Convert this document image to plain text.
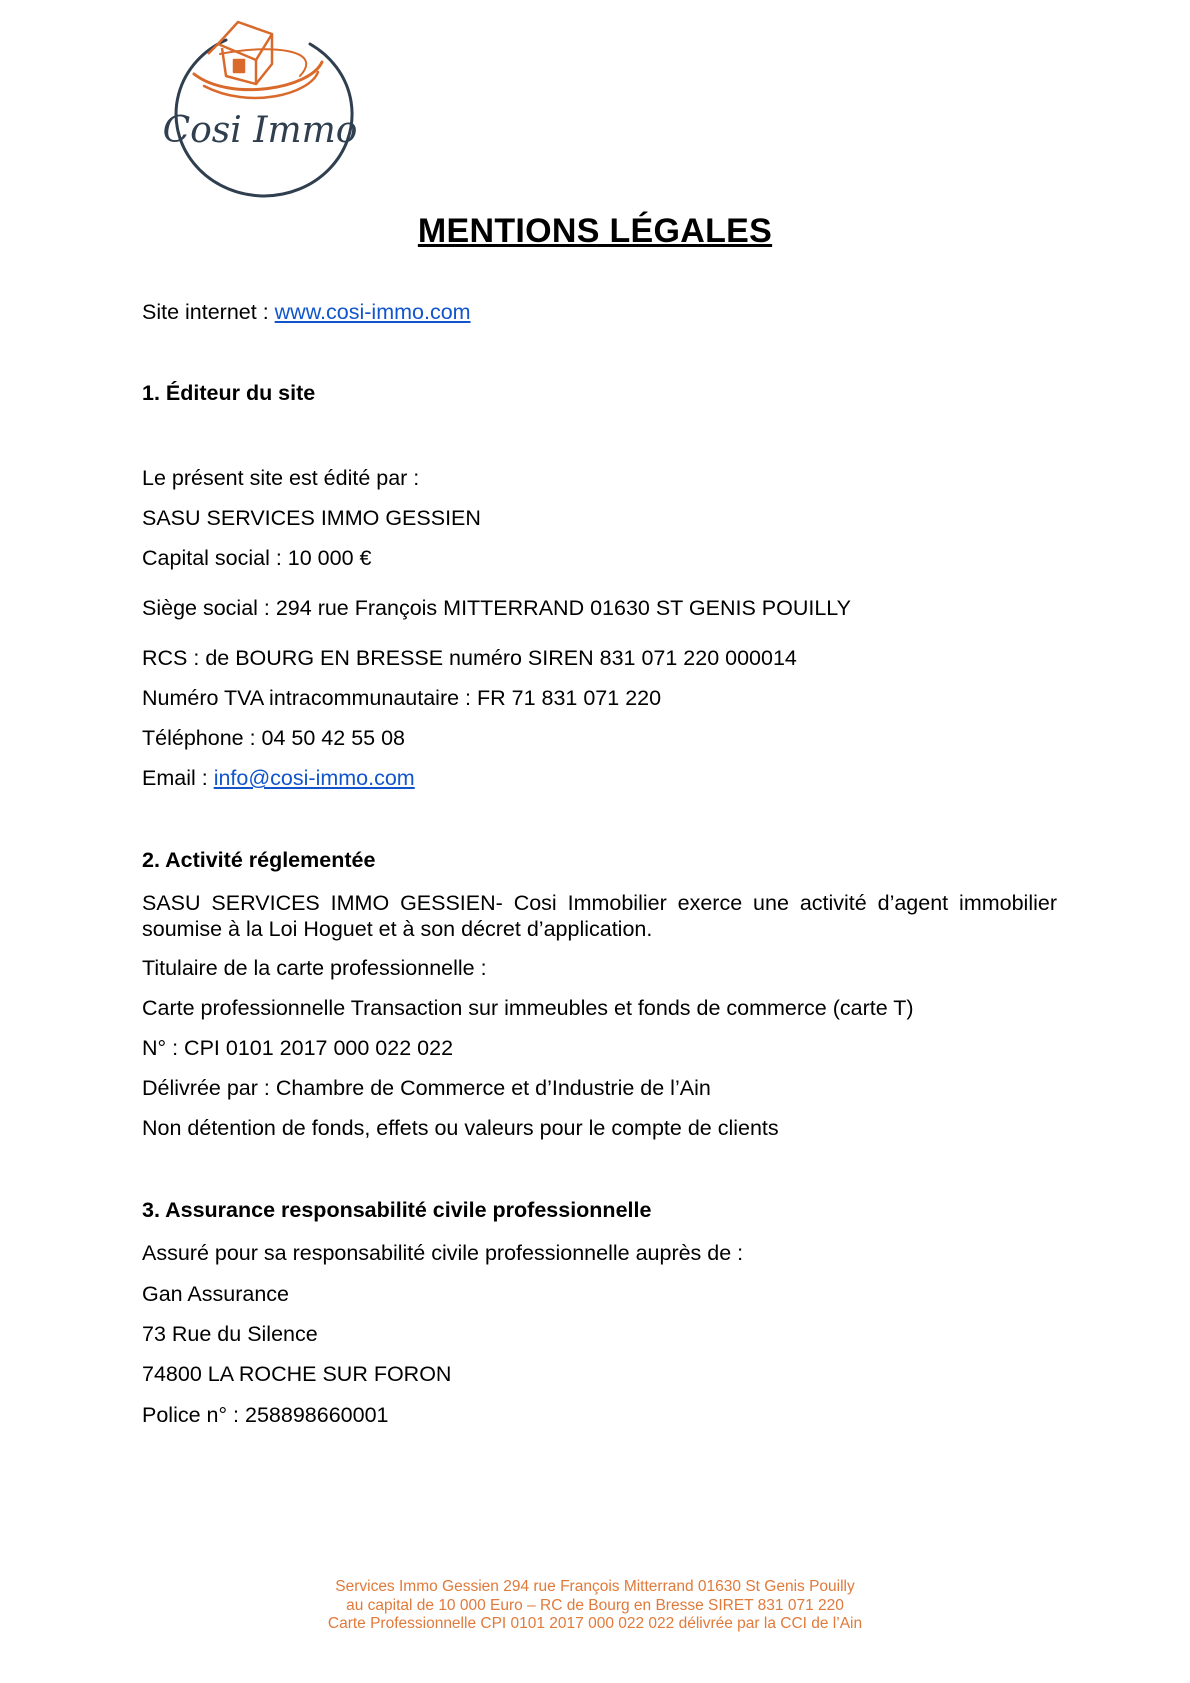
Cosi Immo
MENTIONS LÉGALES
Site internet : www.cosi-immo.com
1. Éditeur du site
Le présent site est édité par :
SASU SERVICES IMMO GESSIEN
Capital social : 10 000 €
Siège social : 294 rue François MITTERRAND 01630 ST GENIS POUILLY
RCS : de BOURG EN BRESSE numéro SIREN 831 071 220 000014
Numéro TVA intracommunautaire : FR 71 831 071 220
Téléphone : 04 50 42 55 08
Email : info@cosi-immo.com
2. Activité réglementée
SASU SERVICES IMMO GESSIEN- Cosi Immobilier exerce une activité d’agent immobilier soumise à la Loi Hoguet et à son décret d’application.
Titulaire de la carte professionnelle :
Carte professionnelle Transaction sur immeubles et fonds de commerce (carte T)
N° : CPI 0101 2017 000 022 022
Délivrée par : Chambre de Commerce et d’Industrie de l’Ain
Non détention de fonds, effets ou valeurs pour le compte de clients
3. Assurance responsabilité civile professionnelle
Assuré pour sa responsabilité civile professionnelle auprès de :
Gan Assurance
73 Rue du Silence
74800 LA ROCHE SUR FORON
Police n° : 258898660001
Services Immo Gessien 294 rue François Mitterrand 01630 St Genis Pouilly
au capital de 10 000 Euro – RC de Bourg en Bresse SIRET 831 071 220
Carte Professionnelle CPI 0101 2017 000 022 022 délivrée par la CCI de l’Ain
